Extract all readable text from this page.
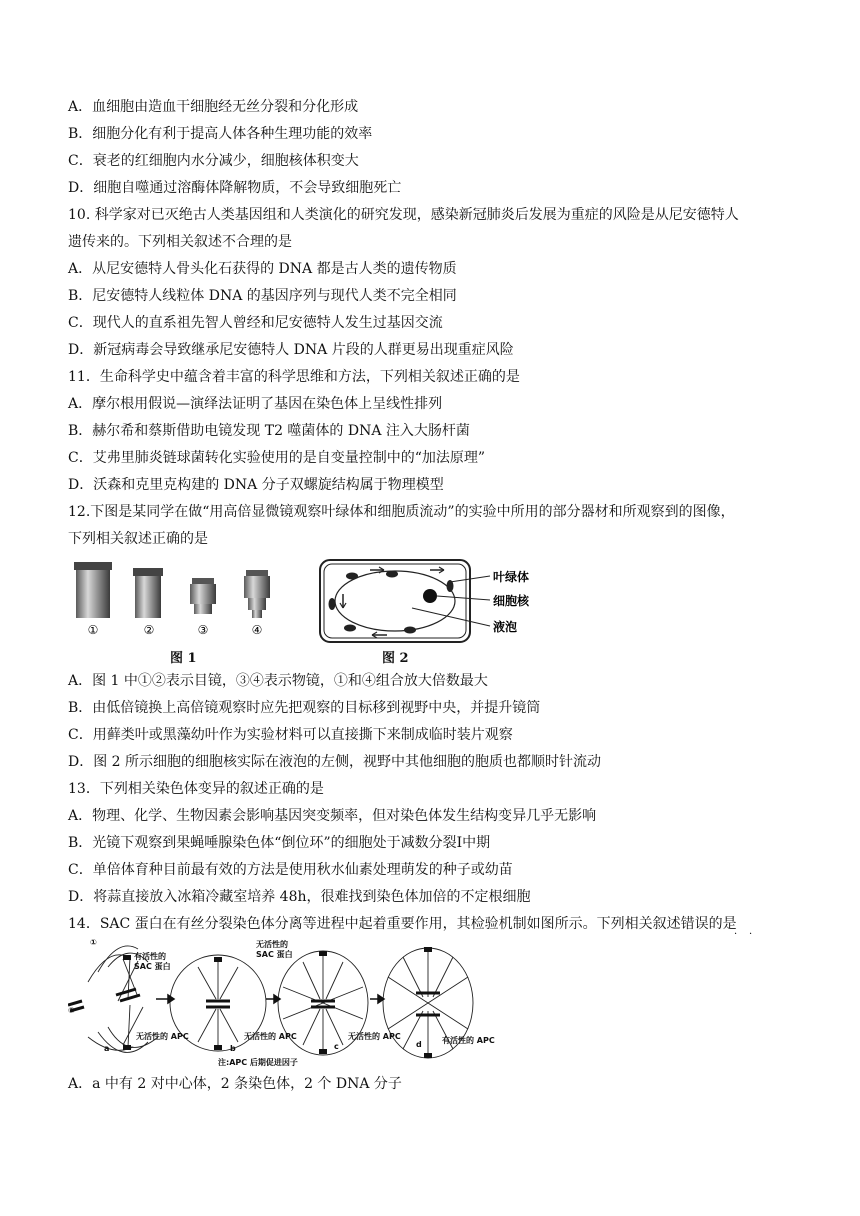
A．血细胞由造血干细胞经无丝分裂和分化形成
B．细胞分化有利于提高人体各种生理功能的效率
C．衰老的红细胞内水分减少，细胞核体积变大
D．细胞自噬通过溶酶体降解物质，不会导致细胞死亡
10. 科学家对已灭绝古人类基因组和人类演化的研究发现，感染新冠肺炎后发展为重症的风险是从尼安德特人
遗传来的。下列相关叙述不合理的是
A．从尼安德特人骨头化石获得的 DNA 都是古人类的遗传物质
B．尼安德特人线粒体 DNA 的基因序列与现代人类不完全相同
C．现代人的直系祖先智人曾经和尼安德特人发生过基因交流
D．新冠病毒会导致继承尼安德特人 DNA 片段的人群更易出现重症风险
11．生命科学史中蕴含着丰富的科学思维和方法，下列相关叙述正确的是
A．摩尔根用假说—演绎法证明了基因在染色体上呈线性排列
B．赫尔希和蔡斯借助电镜发现 T2 噬菌体的 DNA 注入大肠杆菌
C．艾弗里肺炎链球菌转化实验使用的是自变量控制中的“加法原理”
D．沃森和克里克构建的 DNA 分子双螺旋结构属于物理模型
12.下图是某同学在做“用高倍显微镜观察叶绿体和细胞质流动”的实验中所用的部分器材和所观察到的图像，
下列相关叙述正确的是
①	②	③	④
图 1
叶绿体
细胞核
液泡
图 2
A．图 1 中①②表示目镜，③④表示物镜，①和④组合放大倍数最大
B．由低倍镜换上高倍镜观察时应先把观察的目标移到视野中央，并提升镜筒
C．用藓类叶或黑藻幼叶作为实验材料可以直接撕下来制成临时装片观察
D．图 2 所示细胞的细胞核实际在液泡的左侧，视野中其他细胞的胞质也都顺时针流动
13．下列相关染色体变异的叙述正确的是
A．物理、化学、生物因素会影响基因突变频率，但对染色体发生结构变异几乎无影响
B．光镜下观察到果蝇唾腺染色体“倒位环”的细胞处于减数分裂Ⅰ中期
C．单倍体育种目前最有效的方法是使用秋水仙素处理萌发的种子或幼苗
D．将蒜直接放入冰箱冷藏室培养 48h，很难找到染色体加倍的不定根细胞
14．SAC 蛋白在有丝分裂染色体分离等进程中起着重要作用，其检验机制如图所示。下列相关叙述错误的是
· ·
①
②
有活性的
SAC 蛋白
无活性的
SAC 蛋白
无活性的 APC	无活性的 APC	无活性的 APC	有活性的 APC
a	b	c	d
注:APC 后期促进因子
A．a 中有 2 对中心体，2 条染色体，2 个 DNA 分子
